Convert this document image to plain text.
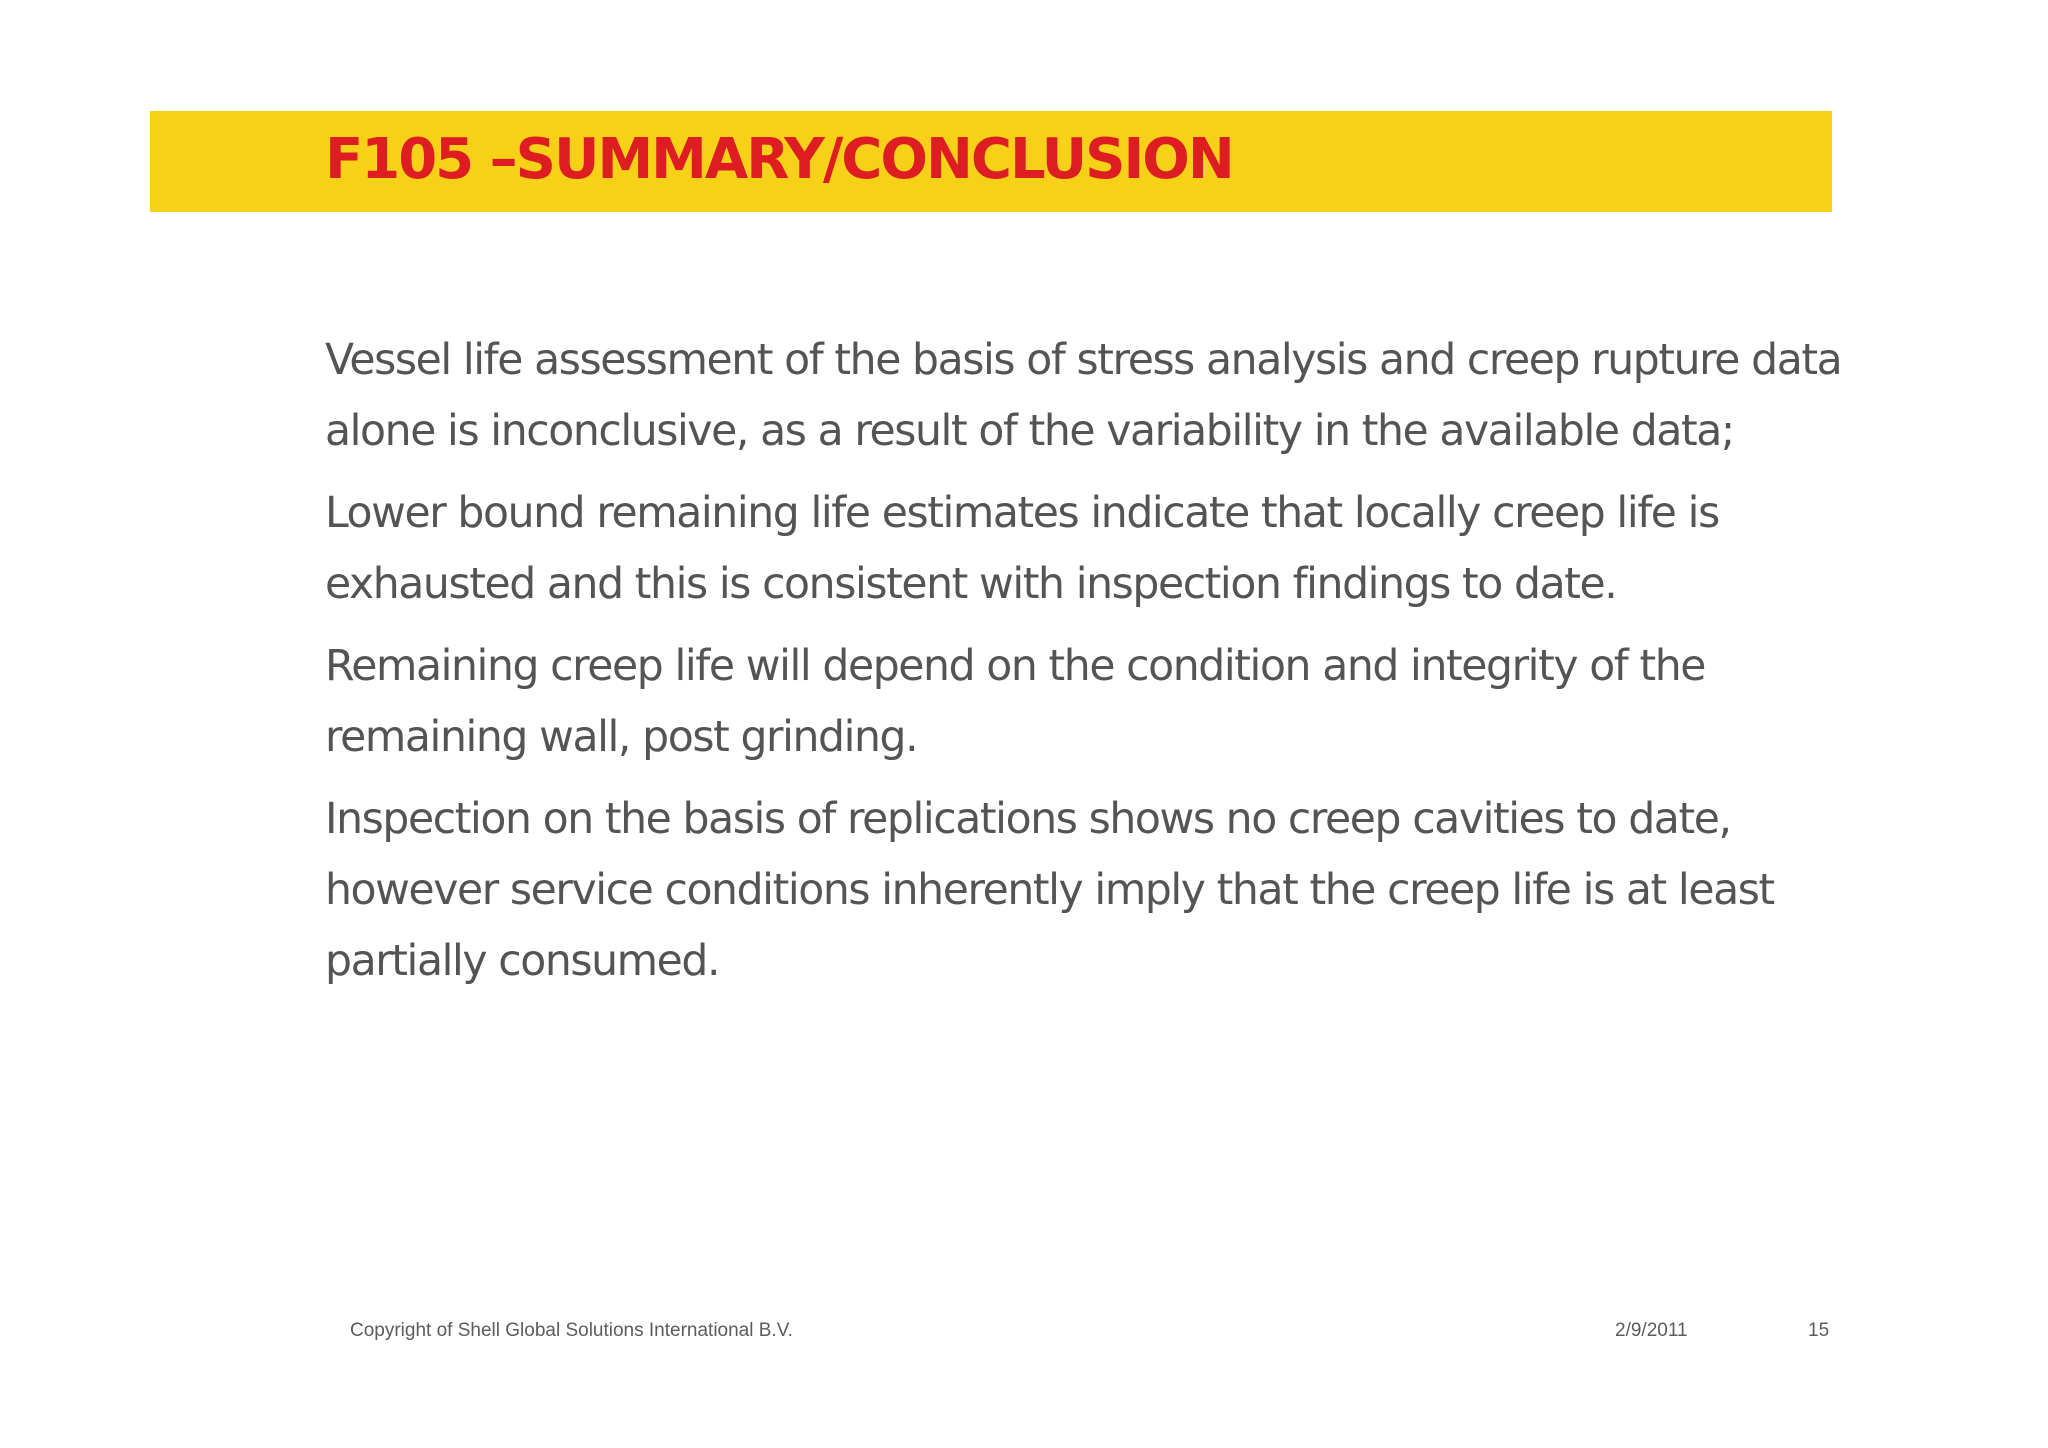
F105 –SUMMARY/CONCLUSION

Vessel life assessment of the basis of stress analysis and creep rupture data alone is inconclusive, as a result of the variability in the available data;

Lower bound remaining life estimates indicate that locally creep life is exhausted and this is consistent with inspection findings to date.

Remaining creep life will depend on the condition and integrity of the remaining wall, post grinding.

Inspection on the basis of replications shows no creep cavities to date, however service conditions inherently imply that the creep life is at least partially consumed.

Copyright of Shell Global Solutions International B.V.	2/9/2011	15
